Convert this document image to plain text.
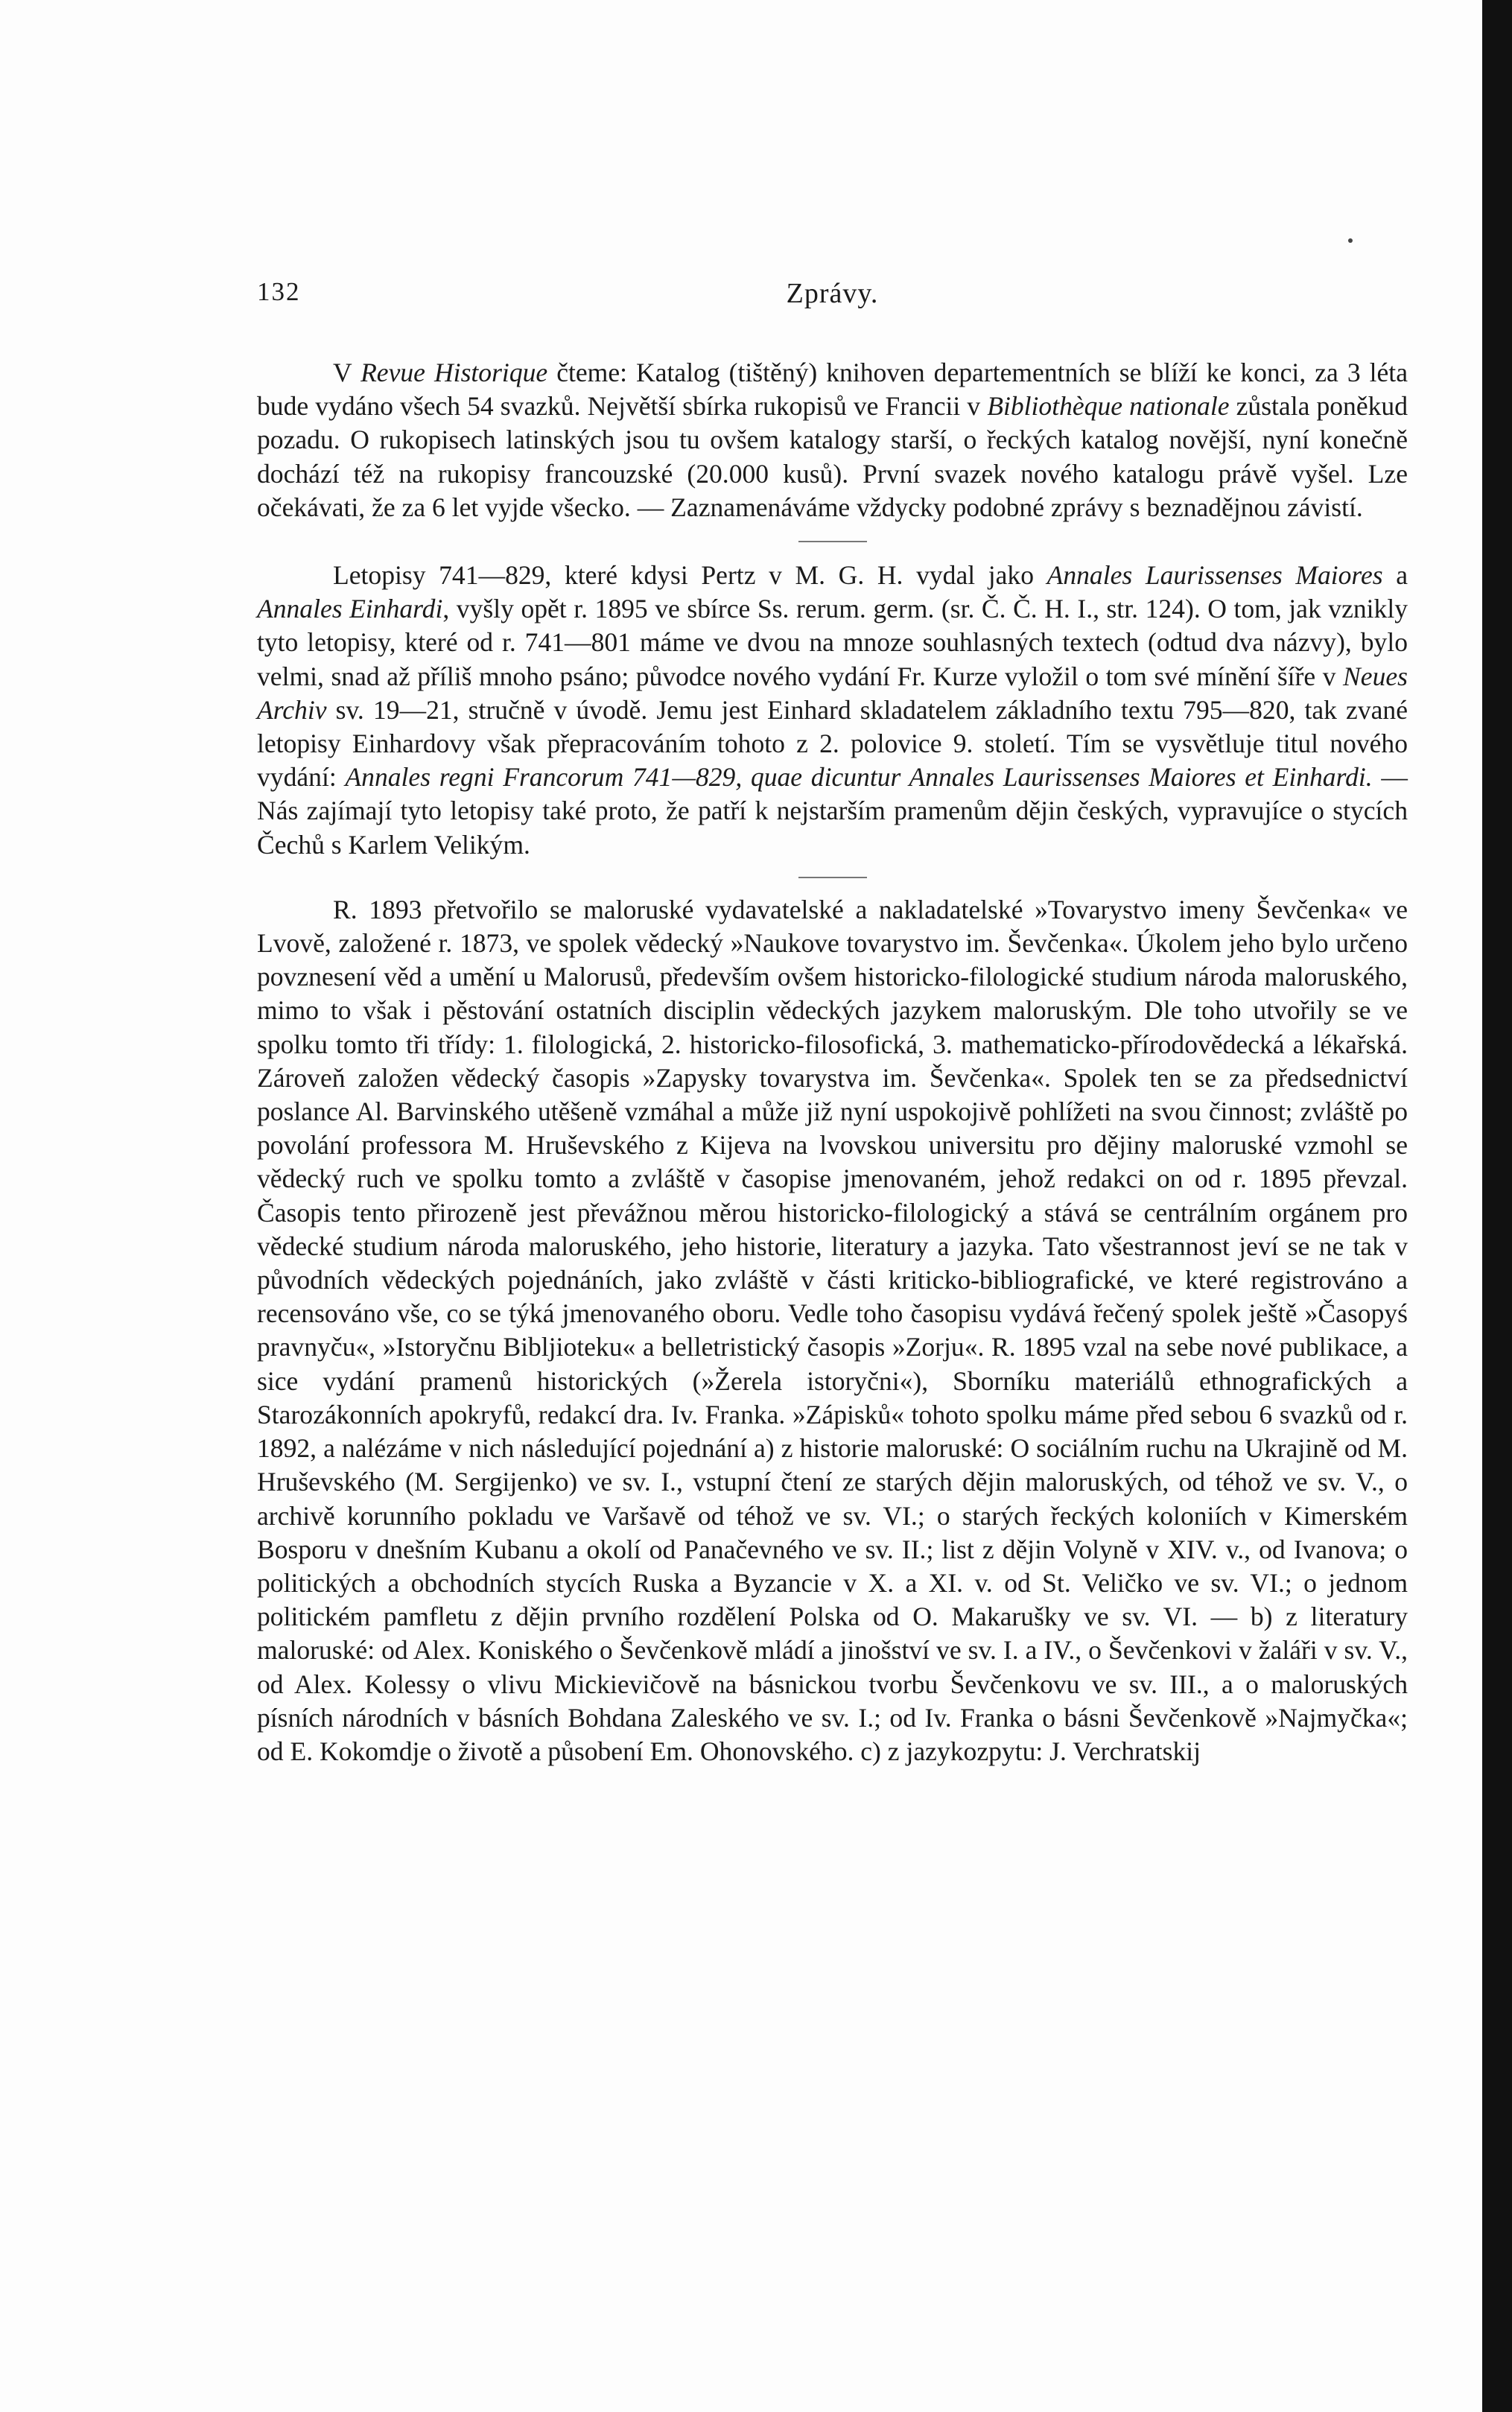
132	Zprávy.

V Revue Historique čteme: Katalog (tištěný) knihoven departementních se blíží ke konci, za 3 léta bude vydáno všech 54 svazků. Největší sbírka rukopisů ve Francii v Bibliothèque nationale zůstala poněkud pozadu. O rukopisech latinských jsou tu ovšem katalogy starší, o řeckých katalog novější, nyní konečně dochází též na rukopisy francouzské (20.000 kusů). První svazek nového katalogu právě vyšel. Lze očekávati, že za 6 let vyjde všecko. — Zaznamenáváme vždycky podobné zprávy s beznadějnou závistí.

Letopisy 741—829, které kdysi Pertz v M. G. H. vydal jako Annales Laurissenses Maiores a Annales Einhardi, vyšly opět r. 1895 ve sbírce Ss. rerum. germ. (sr. Č. Č. H. I., str. 124). O tom, jak vznikly tyto letopisy, které od r. 741—801 máme ve dvou na mnoze souhlasných textech (odtud dva názvy), bylo velmi, snad až příliš mnoho psáno; původce nového vydání Fr. Kurze vyložil o tom své mínění šíře v Neues Archiv sv. 19—21, stručně v úvodě. Jemu jest Einhard skladatelem základního textu 795—820, tak zvané letopisy Einhardovy však přepracováním tohoto z 2. polovice 9. století. Tím se vysvětluje titul nového vydání: Annales regni Francorum 741—829, quae dicuntur Annales Laurissenses Maiores et Einhardi. — Nás zajímají tyto letopisy také proto, že patří k nejstarším pramenům dějin českých, vypravujíce o stycích Čechů s Karlem Velikým.

R. 1893 přetvořilo se maloruské vydavatelské a nakladatelské »Tovarystvo imeny Ševčenka« ve Lvově, založené r. 1873, ve spolek vědecký »Naukove tovarystvo im. Ševčenka«. Úkolem jeho bylo určeno povznesení věd a umění u Malorusů, především ovšem historicko-filologické studium národa maloruského, mimo to však i pěstování ostatních disciplin vědeckých jazykem maloruským. Dle toho utvořily se ve spolku tomto tři třídy: 1. filologická, 2. historicko-filosofická, 3. mathematicko-přírodovědecká a lékařská. Zároveň založen vědecký časopis »Zapysky tovarystva im. Ševčenka«. Spolek ten se za předsednictví poslance Al. Barvinského utěšeně vzmáhal a může již nyní uspokojivě pohlížeti na svou činnost; zvláště po povolání professora M. Hruševského z Kijeva na lvovskou universitu pro dějiny maloruské vzmohl se vědecký ruch ve spolku tomto a zvláště v časopise jmenovaném, jehož redakci on od r. 1895 převzal. Časopis tento přirozeně jest převážnou měrou historicko-filologický a stává se centrálním orgánem pro vědecké studium národa maloruského, jeho historie, literatury a jazyka. Tato všestrannost jeví se ne tak v původních vědeckých pojednáních, jako zvláště v části kriticko-bibliografické, ve které registrováno a recensováno vše, co se týká jmenovaného oboru. Vedle toho časopisu vydává řečený spolek ještě »Časopyś pravnyču«, »Istoryčnu Bibljioteku« a belletristický časopis »Zorju«. R. 1895 vzal na sebe nové publikace, a sice vydání pramenů historických (»Žerela istoryčni«), Sborníku materiálů ethnografických a Starozákonních apokryfů, redakcí dra. Iv. Franka. »Zápisků« tohoto spolku máme před sebou 6 svazků od r. 1892, a nalézáme v nich následující pojednání a) z historie maloruské: O sociálním ruchu na Ukrajině od M. Hruševského (M. Sergijenko) ve sv. I., vstupní čtení ze starých dějin maloruských, od téhož ve sv. V., o archivě korunního pokladu ve Varšavě od téhož ve sv. VI.; o starých řeckých koloniích v Kimerském Bosporu v dnešním Kubanu a okolí od Panačevného ve sv. II.; list z dějin Volyně v XIV. v., od Ivanova; o politických a obchodních stycích Ruska a Byzancie v X. a XI. v. od St. Veličko ve sv. VI.; o jednom politickém pamfletu z dějin prvního rozdělení Polska od O. Makarušky ve sv. VI. — b) z literatury maloruské: od Alex. Koniského o Ševčenkově mládí a jinošství ve sv. I. a IV., o Ševčenkovi v žaláři v sv. V., od Alex. Kolessy o vlivu Mickievičově na básnickou tvorbu Ševčenkovu ve sv. III., a o maloruských písních národních v básních Bohdana Zaleského ve sv. I.; od Iv. Franka o básni Ševčenkově »Najmyčka«; od E. Kokomdje o životě a působení Em. Ohonovského. c) z jazykozpytu: J. Verchratskij
